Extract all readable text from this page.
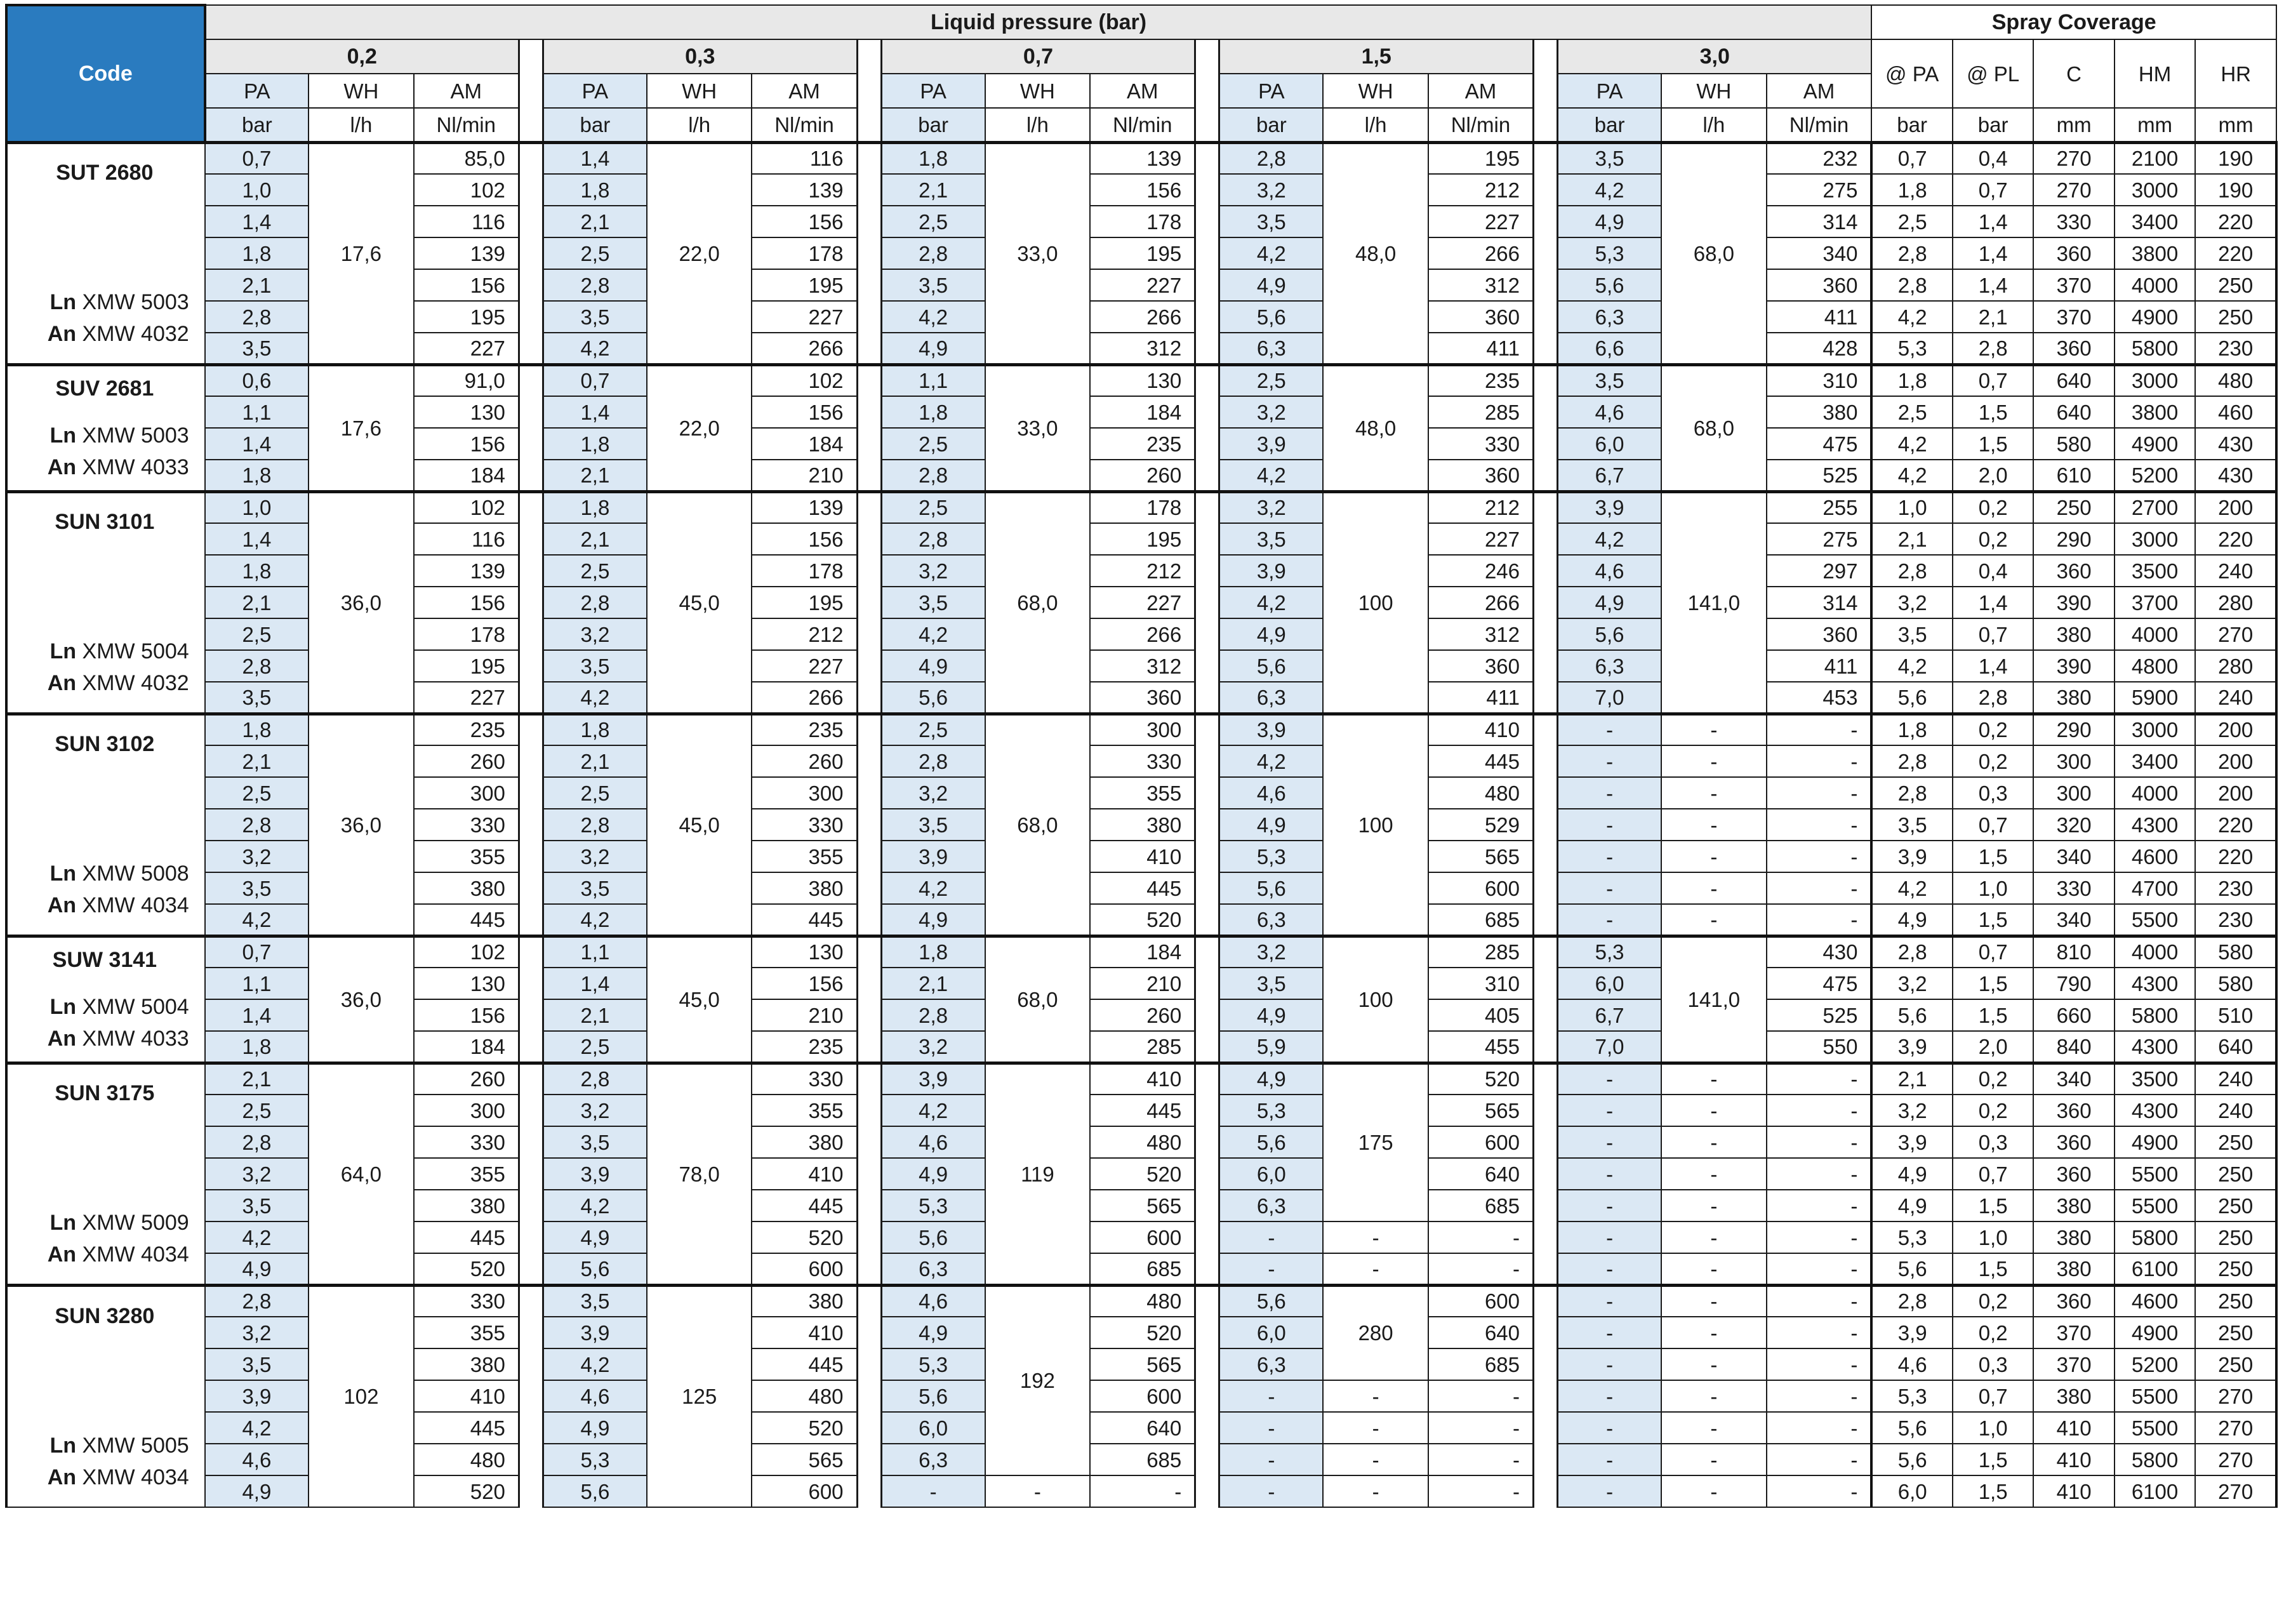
Code	Liquid pressure (bar)																			Spray Coverage				
	0,2				0,3				0,7				1,5				3,0			@ PA	@ PL	C	HM	HR
	PA	WH	AM		PA	WH	AM		PA	WH	AM		PA	WH	AM		PA	WH	AM					
	bar	l/h	Nl/min		bar	l/h	Nl/min		bar	l/h	Nl/min		bar	l/h	Nl/min		bar	l/h	Nl/min	bar	bar	mm	mm	mm

SUT 2680
Ln XMW 5003
An XMW 4032	0,7	17,6	85,0		1,4	22,0	116		1,8	33,0	139		2,8	48,0	195		3,5	68,0	232	0,7	0,4	270	2100	190
	1,0		102		1,8		139		2,1		156		3,2		212		4,2		275	1,8	0,7	270	3000	190
	1,4		116		2,1		156		2,5		178		3,5		227		4,9		314	2,5	1,4	330	3400	220
	1,8		139		2,5		178		2,8		195		4,2		266		5,3		340	2,8	1,4	360	3800	220
	2,1		156		2,8		195		3,5		227		4,9		312		5,6		360	2,8	1,4	370	4000	250
	2,8		195		3,5		227		4,2		266		5,6		360		6,3		411	4,2	2,1	370	4900	250
	3,5		227		4,2		266		4,9		312		6,3		411		6,6		428	5,3	2,8	360	5800	230

SUV 2681
Ln XMW 5003
An XMW 4033	0,6	17,6	91,0		0,7	22,0	102		1,1	33,0	130		2,5	48,0	235		3,5	68,0	310	1,8	0,7	640	3000	480
	1,1		130		1,4		156		1,8		184		3,2		285		4,6		380	2,5	1,5	640	3800	460
	1,4		156		1,8		184		2,5		235		3,9		330		6,0		475	4,2	1,5	580	4900	430
	1,8		184		2,1		210		2,8		260		4,2		360		6,7		525	4,2	2,0	610	5200	430

SUN 3101
Ln XMW 5004
An XMW 4032	1,0	36,0	102		1,8	45,0	139		2,5	68,0	178		3,2	100	212		3,9	141,0	255	1,0	0,2	250	2700	200
	1,4		116		2,1		156		2,8		195		3,5		227		4,2		275	2,1	0,2	290	3000	220
	1,8		139		2,5		178		3,2		212		3,9		246		4,6		297	2,8	0,4	360	3500	240
	2,1		156		2,8		195		3,5		227		4,2		266		4,9		314	3,2	1,4	390	3700	280
	2,5		178		3,2		212		4,2		266		4,9		312		5,6		360	3,5	0,7	380	4000	270
	2,8		195		3,5		227		4,9		312		5,6		360		6,3		411	4,2	1,4	390	4800	280
	3,5		227		4,2		266		5,6		360		6,3		411		7,0		453	5,6	2,8	380	5900	240

SUN 3102
Ln XMW 5008
An XMW 4034	1,8	36,0	235		1,8	45,0	235		2,5	68,0	300		3,9	100	410		-	-	-	1,8	0,2	290	3000	200
	2,1		260		2,1		260		2,8		330		4,2		445		-	-	-	2,8	0,2	300	3400	200
	2,5		300		2,5		300		3,2		355		4,6		480		-	-	-	2,8	0,3	300	4000	200
	2,8		330		2,8		330		3,5		380		4,9		529		-	-	-	3,5	0,7	320	4300	220
	3,2		355		3,2		355		3,9		410		5,3		565		-	-	-	3,9	1,5	340	4600	220
	3,5		380		3,5		380		4,2		445		5,6		600		-	-	-	4,2	1,0	330	4700	230
	4,2		445		4,2		445		4,9		520		6,3		685		-	-	-	4,9	1,5	340	5500	230

SUW 3141
Ln XMW 5004
An XMW 4033	0,7	36,0	102		1,1	45,0	130		1,8	68,0	184		3,2	100	285		5,3	141,0	430	2,8	0,7	810	4000	580
	1,1		130		1,4		156		2,1		210		3,5		310		6,0		475	3,2	1,5	790	4300	580
	1,4		156		2,1		210		2,8		260		4,9		405		6,7		525	5,6	1,5	660	5800	510
	1,8		184		2,5		235		3,2		285		5,9		455		7,0		550	3,9	2,0	840	4300	640

SUN 3175
Ln XMW 5009
An XMW 4034	2,1	64,0	260		2,8	78,0	330		3,9	119	410		4,9	175	520		-	-	-	2,1	0,2	340	3500	240
	2,5		300		3,2		355		4,2		445		5,3		565		-	-	-	3,2	0,2	360	4300	240
	2,8		330		3,5		380		4,6		480		5,6		600		-	-	-	3,9	0,3	360	4900	250
	3,2		355		3,9		410		4,9		520		6,0		640		-	-	-	4,9	0,7	360	5500	250
	3,5		380		4,2		445		5,3		565		6,3		685		-	-	-	4,9	1,5	380	5500	250
	4,2		445		4,9		520		5,6		600		-	-	-		-	-	-	5,3	1,0	380	5800	250
	4,9		520		5,6		600		6,3		685		-	-	-		-	-	-	5,6	1,5	380	6100	250

SUN 3280
Ln XMW 5005
An XMW 4034	2,8	102	330		3,5	125	380		4,6	192	480		5,6	280	600		-	-	-	2,8	0,2	360	4600	250
	3,2		355		3,9		410		4,9		520		6,0		640		-	-	-	3,9	0,2	370	4900	250
	3,5		380		4,2		445		5,3		565		6,3		685		-	-	-	4,6	0,3	370	5200	250
	3,9		410		4,6		480		5,6		600		-	-	-		-	-	-	5,3	0,7	380	5500	270
	4,2		445		4,9		520		6,0		640		-	-	-		-	-	-	5,6	1,0	410	5500	270
	4,6		480		5,3		565		6,3		685		-	-	-		-	-	-	5,6	1,5	410	5800	270
	4,9		520		5,6		600		-	-	-		-	-	-		-	-	-	6,0	1,5	410	6100	270
